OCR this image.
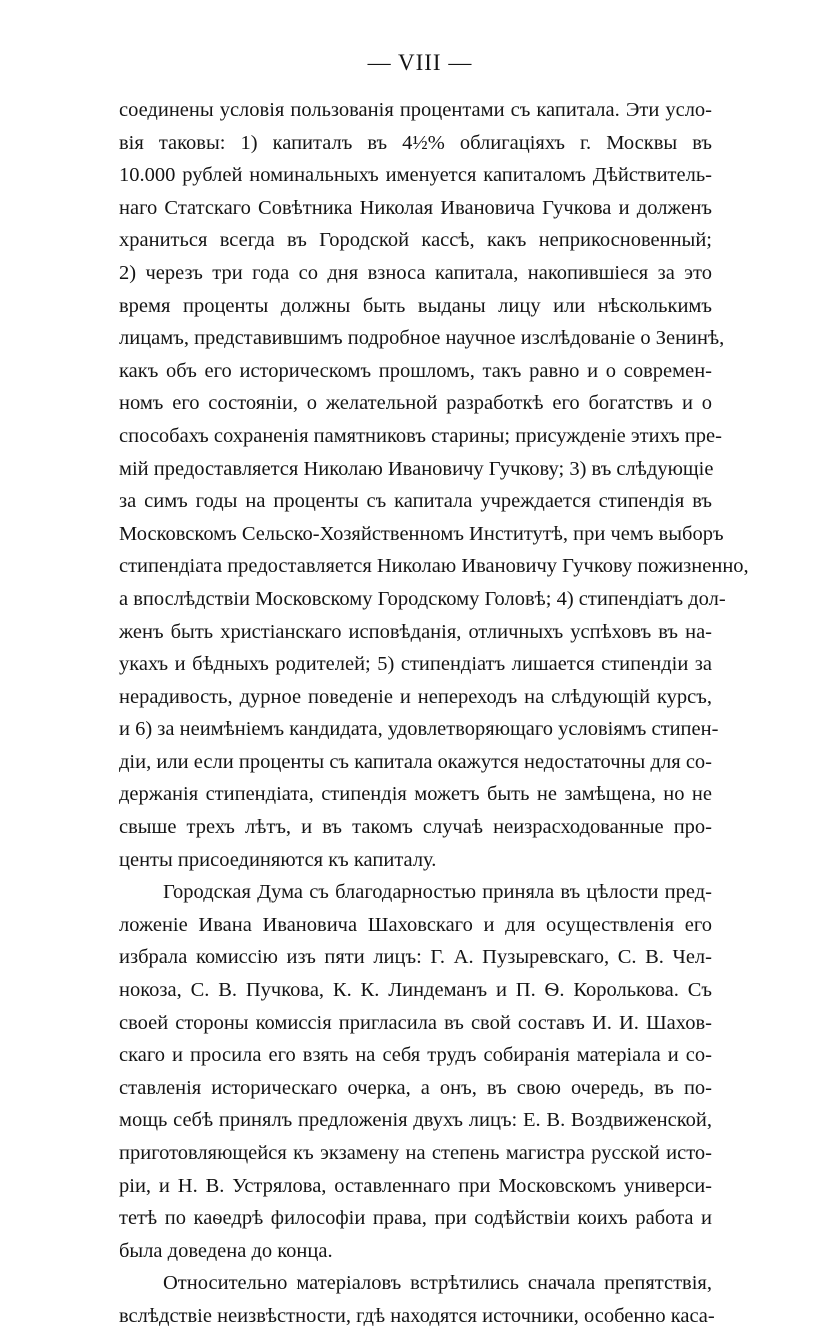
— VIII —
соединены условія пользованія процентами съ капитала. Эти усло-
вія таковы: 1) капиталъ въ 4½% облигаціяхъ г. Москвы въ
10.000 рублей номинальныхъ именуется капиталомъ Дѣйствитель-
наго Статскаго Совѣтника Николая Ивановича Гучкова и долженъ
храниться всегда въ Городской кассѣ, какъ неприкосновенный;
2) черезъ три года со дня взноса капитала, накопившіеся за это
время проценты должны быть выданы лицу или нѣсколькимъ
лицамъ, представившимъ подробное научное изслѣдованіе о Зенинѣ,
какъ объ его историческомъ прошломъ, такъ равно и о современ-
номъ его состояніи, о желательной разработкѣ его богатствъ и о
способахъ сохраненія памятниковъ старины; присужденіе этихъ пре-
мій предоставляется Николаю Ивановичу Гучкову; 3) въ слѣдующіе
за симъ годы на проценты съ капитала учреждается стипендія въ
Московскомъ Сельско-Хозяйственномъ Институтѣ, при чемъ выборъ
стипендіата предоставляется Николаю Ивановичу Гучкову пожизненно,
а впослѣдствіи Московскому Городскому Головѣ; 4) стипендіатъ дол-
женъ быть христіанскаго исповѣданія, отличныхъ успѣховъ въ на-
укахъ и бѣдныхъ родителей; 5) стипендіатъ лишается стипендіи за
нерадивость, дурное поведеніе и непереходъ на слѣдующій курсъ,
и 6) за неимѣніемъ кандидата, удовлетворяющаго условіямъ стипен-
діи, или если проценты съ капитала окажутся недостаточны для со-
держанія стипендіата, стипендія можетъ быть не замѣщена, но не
свыше трехъ лѣтъ, и въ такомъ случаѣ неизрасходованные про-
центы присоединяются къ капиталу.
Городская Дума съ благодарностью приняла въ цѣлости пред-
ложеніе Ивана Ивановича Шаховскаго и для осуществленія его
избрала комиссію изъ пяти лицъ: Г. А. Пузыревскаго, С. В. Чел-
нокоза, С. В. Пучкова, К. К. Линдеманъ и П. Ѳ. Королькова. Съ
своей стороны комиссія пригласила въ свой составъ И. И. Шахов-
скаго и просила его взять на себя трудъ собиранія матеріала и со-
ставленія историческаго очерка, а онъ, въ свою очередь, въ по-
мощь себѣ принялъ предложенія двухъ лицъ: Е. В. Воздвиженской,
приготовляющейся къ экзамену на степень магистра русской исто-
ріи, и Н. В. Устрялова, оставленнаго при Московскомъ универси-
тетѣ по каѳедрѣ философіи права, при содѣйствіи коихъ работа и
была доведена до конца.
Относительно матеріаловъ встрѣтились сначала препятствія,
вслѣдствіе неизвѣстности, гдѣ находятся источники, особенно каса-
